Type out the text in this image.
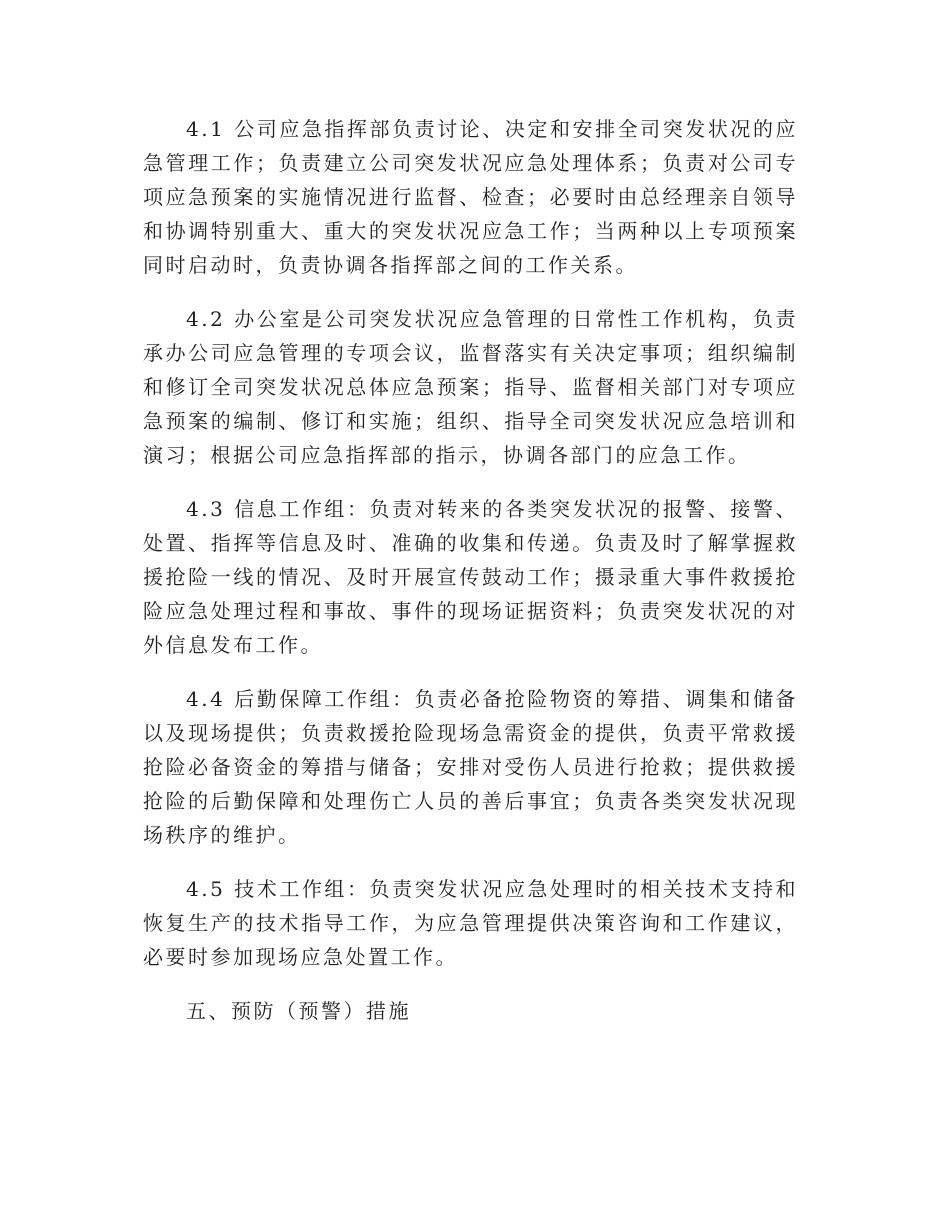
4.1 公司应急指挥部负责讨论、决定和安排全司突发状况的应急管理工作；负责建立公司突发状况应急处理体系；负责对公司专项应急预案的实施情况进行监督、检查；必要时由总经理亲自领导和协调特别重大、重大的突发状况应急工作；当两种以上专项预案同时启动时，负责协调各指挥部之间的工作关系。

4.2 办公室是公司突发状况应急管理的日常性工作机构，负责承办公司应急管理的专项会议，监督落实有关决定事项；组织编制和修订全司突发状况总体应急预案；指导、监督相关部门对专项应急预案的编制、修订和实施；组织、指导全司突发状况应急培训和演习；根据公司应急指挥部的指示，协调各部门的应急工作。

4.3 信息工作组：负责对转来的各类突发状况的报警、接警、处置、指挥等信息及时、准确的收集和传递。负责及时了解掌握救援抢险一线的情况、及时开展宣传鼓动工作；摄录重大事件救援抢险应急处理过程和事故、事件的现场证据资料；负责突发状况的对外信息发布工作。

4.4 后勤保障工作组：负责必备抢险物资的筹措、调集和储备以及现场提供；负责救援抢险现场急需资金的提供，负责平常救援抢险必备资金的筹措与储备；安排对受伤人员进行抢救；提供救援抢险的后勤保障和处理伤亡人员的善后事宜；负责各类突发状况现场秩序的维护。

4.5 技术工作组：负责突发状况应急处理时的相关技术支持和恢复生产的技术指导工作，为应急管理提供决策咨询和工作建议，必要时参加现场应急处置工作。

五、预防（预警）措施
